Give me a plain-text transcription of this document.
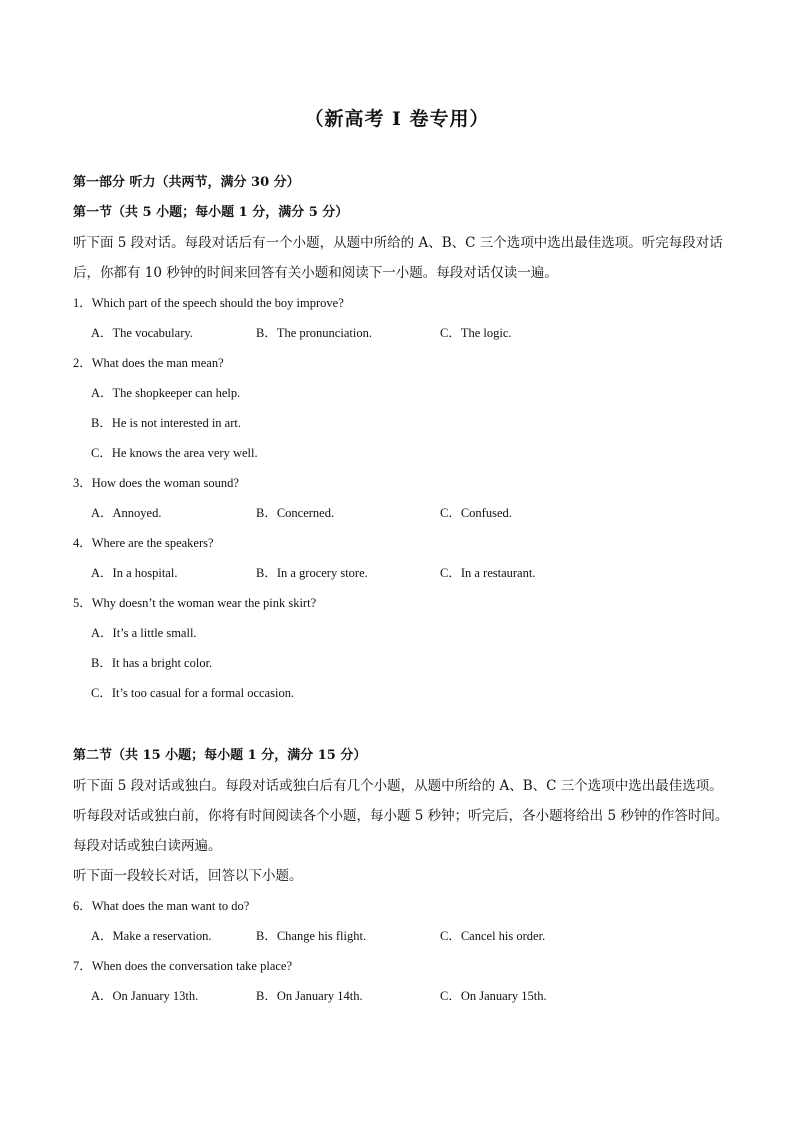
（新高考 I 卷专用）
第一部分 听力（共两节，满分 30 分）
第一节（共 5 小题；每小题 1 分，满分 5 分）
听下面 5 段对话。每段对话后有一个小题，从题中所给的 A、B、C 三个选项中选出最佳选项。听完每段对话后，你都有 10 秒钟的时间来回答有关小题和阅读下一小题。每段对话仅读一遍。
1．Which part of the speech should the boy improve?
A．The vocabulary.	B．The pronunciation.	C．The logic.
2．What does the man mean?
A．The shopkeeper can help.
B．He is not interested in art.
C．He knows the area very well.
3．How does the woman sound?
A．Annoyed.	B．Concerned.	C．Confused.
4．Where are the speakers?
A．In a hospital.	B．In a grocery store.	C．In a restaurant.
5．Why doesn’t the woman wear the pink skirt?
A．It’s a little small.
B．It has a bright color.
C．It’s too casual for a formal occasion.
第二节（共 15 小题；每小题 1 分，满分 15 分）
听下面 5 段对话或独白。每段对话或独白后有几个小题，从题中所给的 A、B、C 三个选项中选出最佳选项。听每段对话或独白前，你将有时间阅读各个小题，每小题 5 秒钟；听完后，各小题将给出 5 秒钟的作答时间。每段对话或独白读两遍。
听下面一段较长对话，回答以下小题。
6．What does the man want to do?
A．Make a reservation.	B．Change his flight.	C．Cancel his order.
7．When does the conversation take place?
A．On January 13th.	B．On January 14th.	C．On January 15th.
